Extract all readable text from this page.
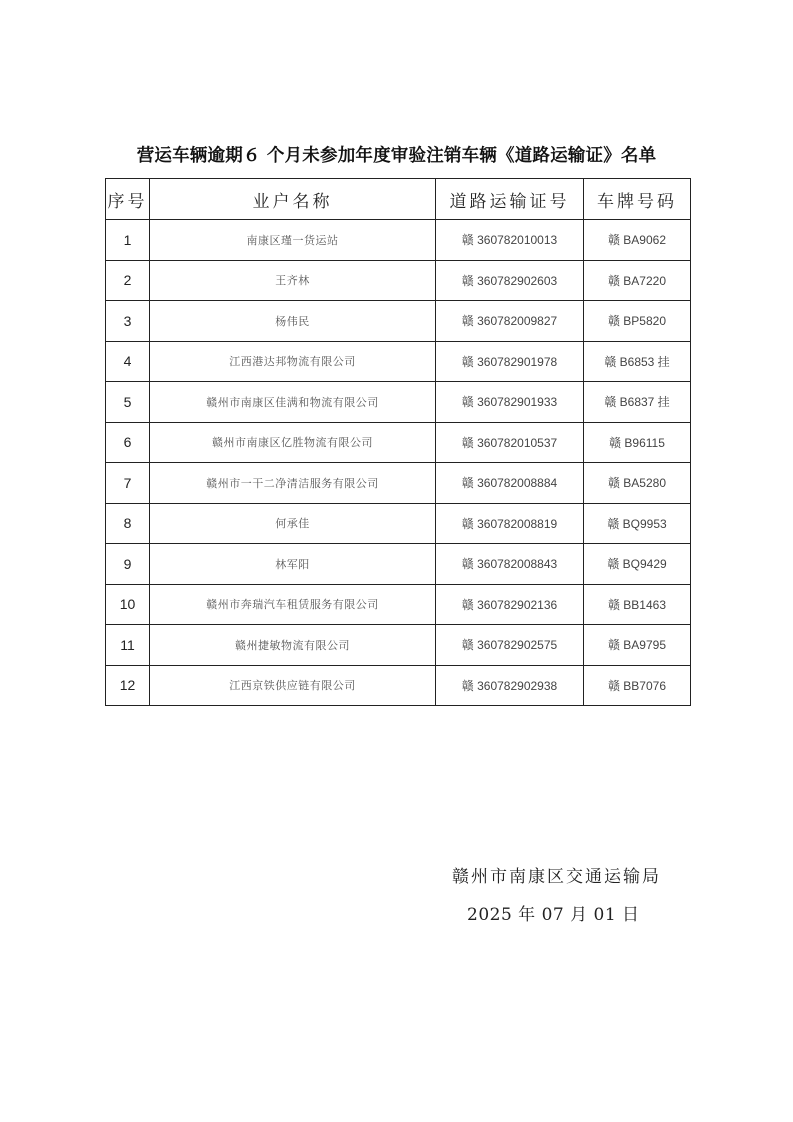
营运车辆逾期６ 个月未参加年度审验注销车辆《道路运输证》名单
序号	业户名称	道路运输证号	车牌号码
1	南康区瑾一货运站	赣 360782010013	赣 BA9062
2	王齐林	赣 360782902603	赣 BA7220
3	杨伟民	赣 360782009827	赣 BP5820
4	江西港达邦物流有限公司	赣 360782901978	赣 B6853 挂
5	赣州市南康区佳满和物流有限公司	赣 360782901933	赣 B6837 挂
6	赣州市南康区亿胜物流有限公司	赣 360782010537	赣 B96115
7	赣州市一干二净清洁服务有限公司	赣 360782008884	赣 BA5280
8	何承佳	赣 360782008819	赣 BQ9953
9	林军阳	赣 360782008843	赣 BQ9429
10	赣州市奔瑞汽车租赁服务有限公司	赣 360782902136	赣 BB1463
11	赣州捷敏物流有限公司	赣 360782902575	赣 BA9795
12	江西京铁供应链有限公司	赣 360782902938	赣 BB7076
赣州市南康区交通运输局
2025 年 07 月 01 日
